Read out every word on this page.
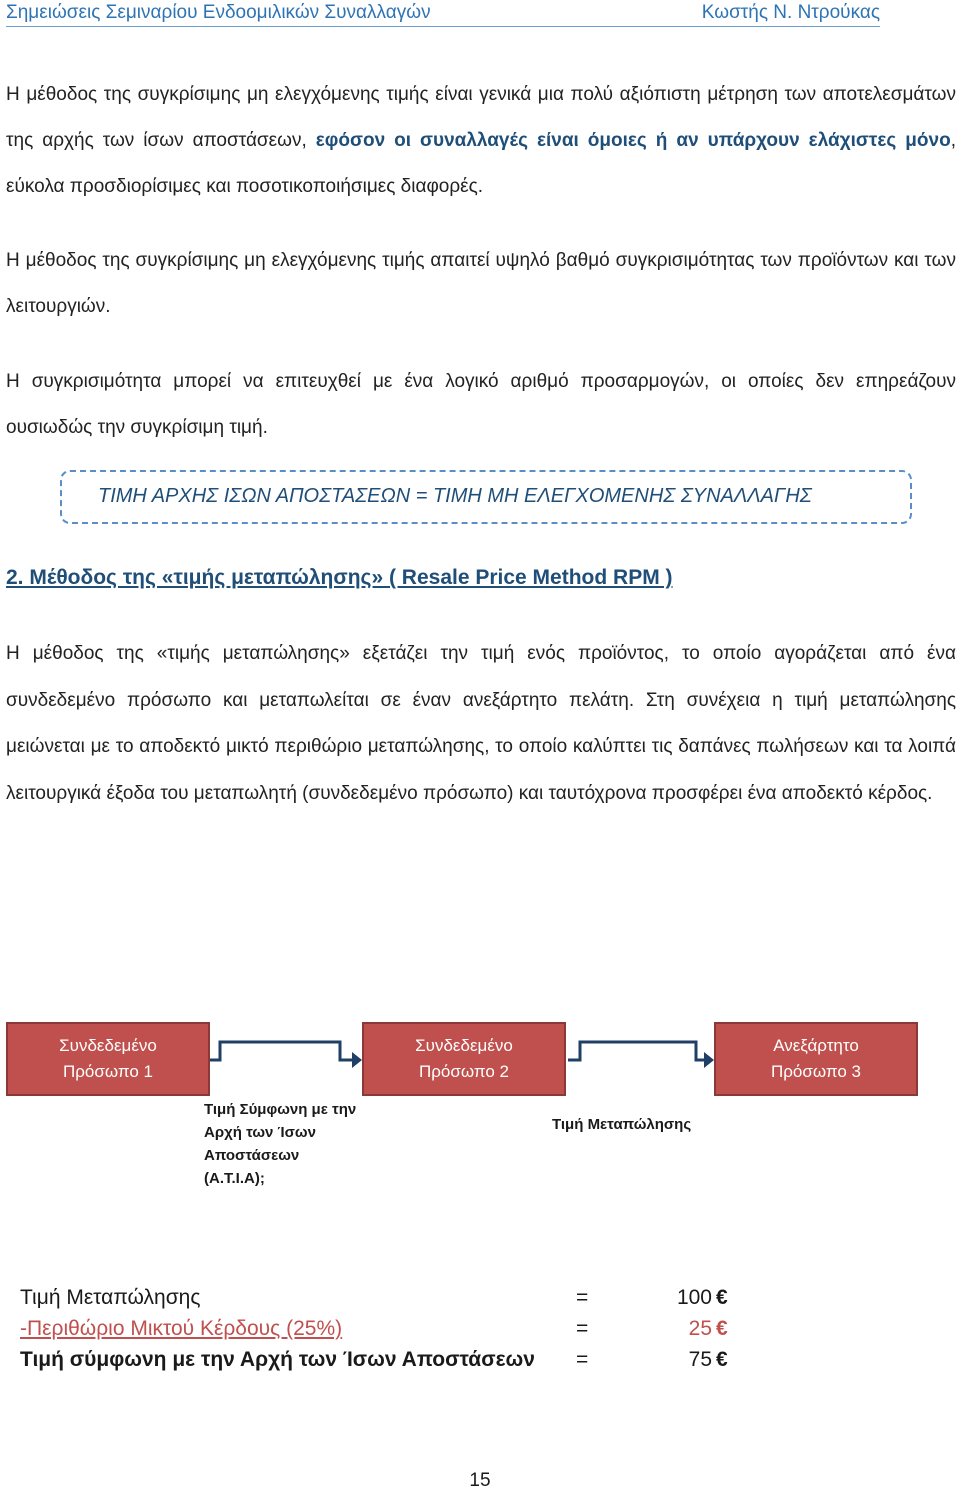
Σημειώσεις Σεμιναρίου Ενδοομιλικών Συναλλαγών	Κωστής Ν. Ντρούκας
Η μέθοδος της συγκρίσιμης μη ελεγχόμενης τιμής είναι γενικά μια πολύ αξιόπιστη μέτρηση των αποτελεσμάτων της αρχής των ίσων αποστάσεων, εφόσον οι συναλλαγές είναι όμοιες ή αν υπάρχουν ελάχιστες μόνο, εύκολα προσδιορίσιμες και ποσοτικοποιήσιμες διαφορές.
Η μέθοδος της συγκρίσιμης μη ελεγχόμενης τιμής απαιτεί υψηλό βαθμό συγκρισιμότητας των προϊόντων και των λειτουργιών.
Η συγκρισιμότητα μπορεί να επιτευχθεί με ένα λογικό αριθμό προσαρμογών, οι οποίες δεν επηρεάζουν ουσιωδώς την συγκρίσιμη τιμή.
ΤΙΜΗ ΑΡΧΗΣ ΙΣΩΝ ΑΠΟΣΤΑΣΕΩΝ = ΤΙΜΗ ΜΗ ΕΛΕΓΧΟΜΕΝΗΣ ΣΥΝΑΛΛΑΓΗΣ
2. Μέθοδος της «τιμής μεταπώλησης» ( Resale Price Method RPM )
Η μέθοδος της «τιμής μεταπώλησης» εξετάζει την τιμή ενός προϊόντος, το οποίο αγοράζεται από ένα συνδεδεμένο πρόσωπο και μεταπωλείται σε έναν ανεξάρτητο πελάτη. Στη συνέχεια η τιμή μεταπώλησης μειώνεται με το αποδεκτό μικτό περιθώριο μεταπώλησης, το οποίο καλύπτει τις δαπάνες πωλήσεων και τα λοιπά λειτουργικά έξοδα του μεταπωλητή (συνδεδεμένο πρόσωπο) και ταυτόχρονα προσφέρει ένα αποδεκτό κέρδος.
Συνδεδεμένο
Πρόσωπο 1
Συνδεδεμένο
Πρόσωπο 2
Ανεξάρτητο
Πρόσωπο 3
Τιμή Σύμφωνη με την
Αρχή των Ίσων
Αποστάσεων
(Α.Τ.Ι.Α);
Τιμή Μεταπώλησης
Τιμή Μεταπώλησης	=	100 €
-Περιθώριο Μικτού Κέρδους (25%)	=	25 €
Τιμή σύμφωνη με την Αρχή των Ίσων Αποστάσεων =	75 €
15
